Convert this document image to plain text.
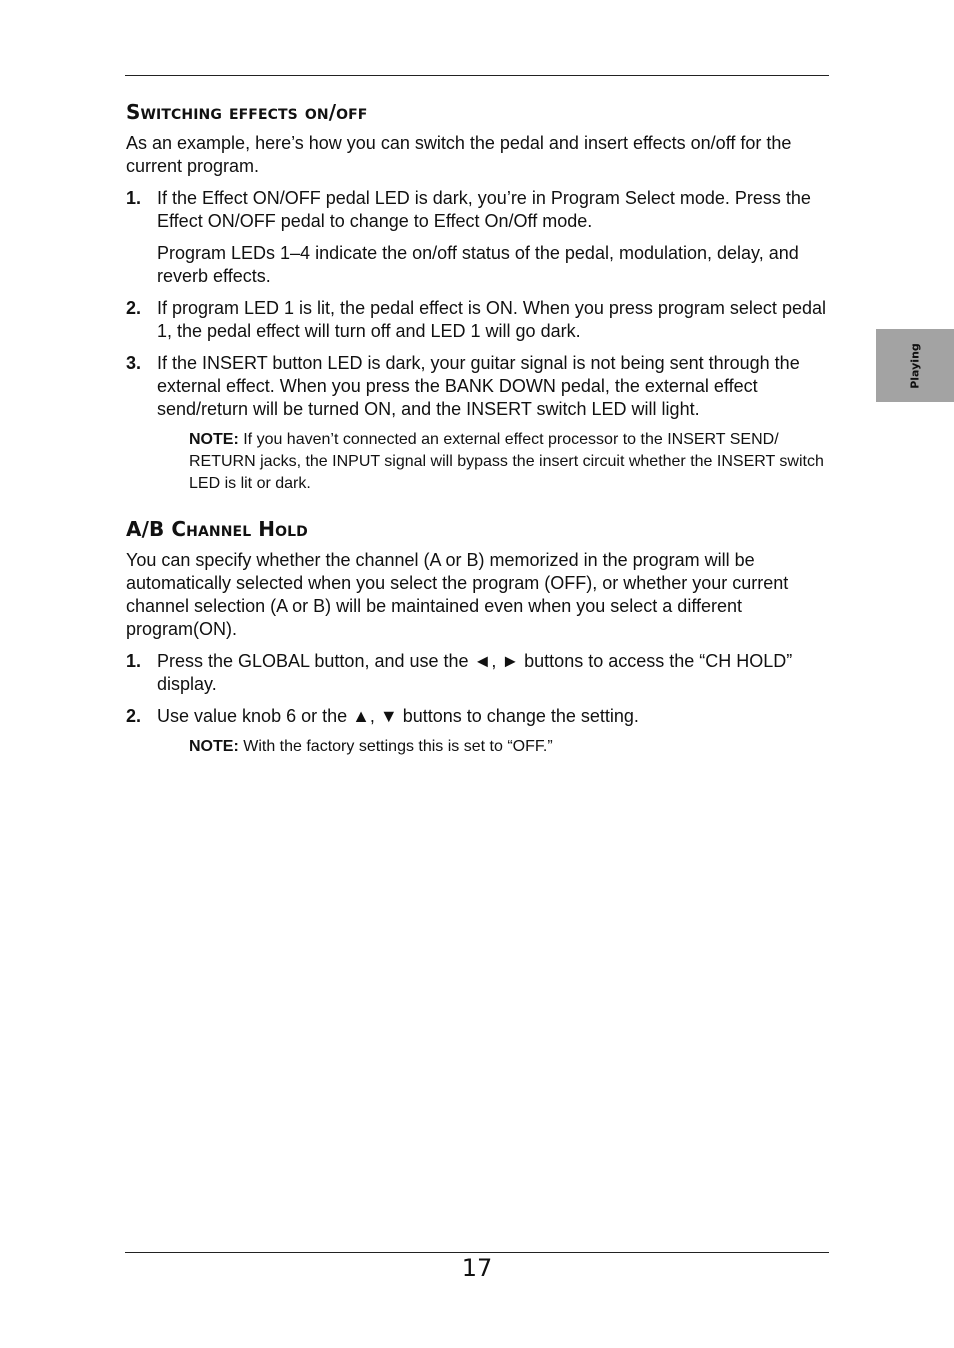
Switching effects on/off

As an example, here’s how you can switch the pedal and insert effects on/off for the current program.

1. If the Effect ON/OFF pedal LED is dark, you’re in Program Select mode. Press the Effect ON/OFF pedal to change to Effect On/Off mode.
Program LEDs 1–4 indicate the on/off status of the pedal, modulation, delay, and reverb effects.
2. If program LED 1 is lit, the pedal effect is ON. When you press program select pedal 1, the pedal effect will turn off and LED 1 will go dark.
3. If the INSERT button LED is dark, your guitar signal is not being sent through the external effect. When you press the BANK DOWN pedal, the external effect send/return will be turned ON, and the INSERT switch LED will light.
NOTE: If you haven’t connected an external effect processor to the INSERT SEND/ RETURN jacks, the INPUT signal will bypass the insert circuit whether the INSERT switch LED is lit or dark.
A/B Channel Hold

You can specify whether the channel (A or B) memorized in the program will be automatically selected when you select the program (OFF), or whether your current channel selection (A or B) will be maintained even when you select a different program(ON).

1. Press the GLOBAL button, and use the ◄, ► buttons to access the “CH HOLD” display.
2. Use value knob 6 or the ▲, ▼ buttons to change the setting.
NOTE: With the factory settings this is set to “OFF.”
Playing
17
